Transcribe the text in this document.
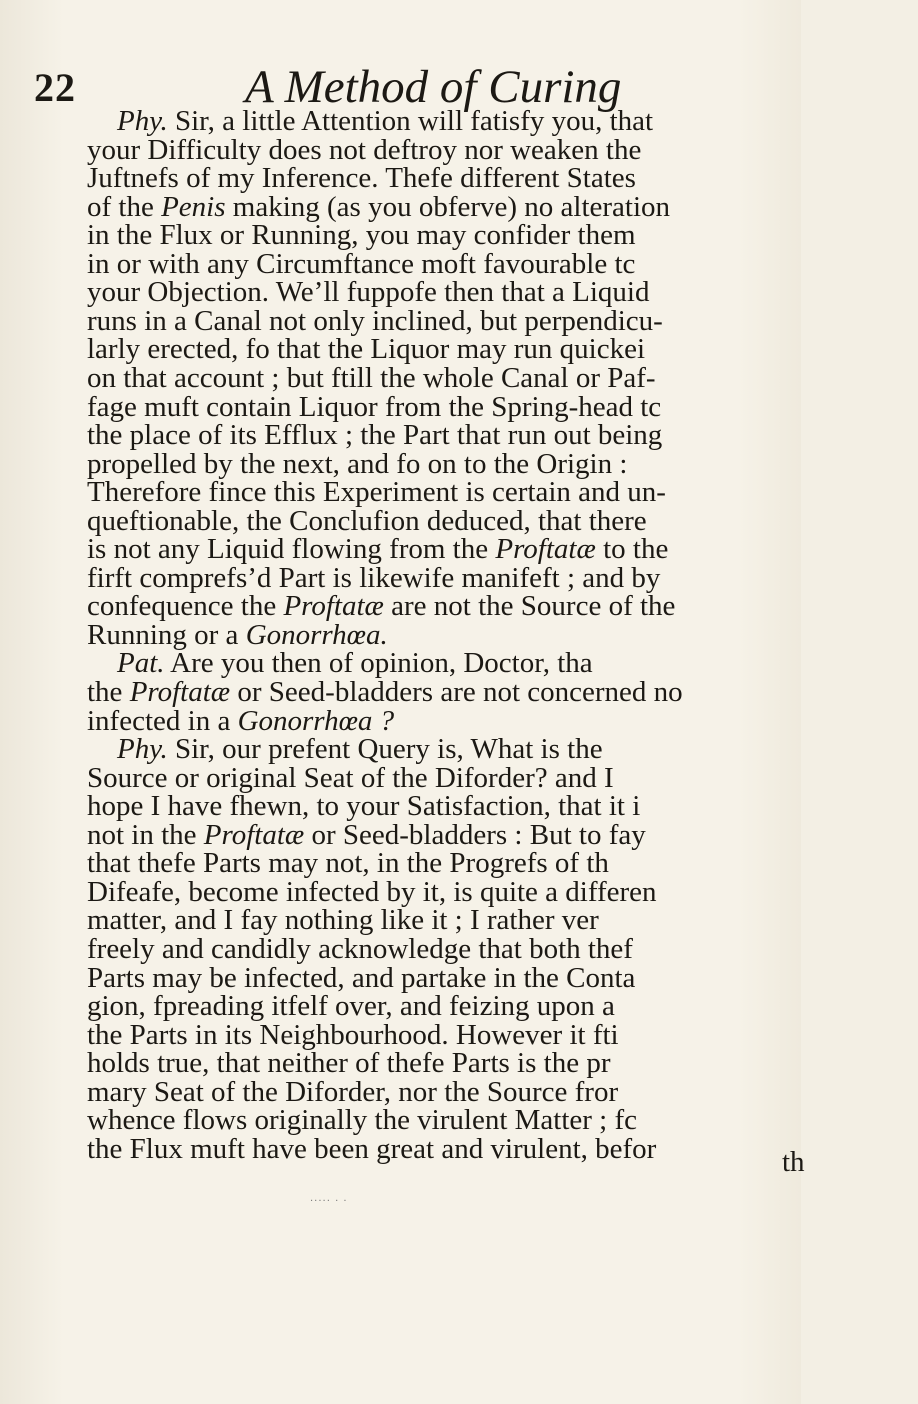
22	A Method of Curing
Phy. Sir, a little Attention will fatisfy you, that
your Difficulty does not deftroy nor weaken the
Juftnefs of my Inference. Thefe different States
of the Penis making (as you obferve) no alteration
in the Flux or Running, you may confider them
in or with any Circumftance moft favourable tc
your Objection. We’ll fuppofe then that a Liquid
runs in a Canal not only inclined, but perpendicu-
larly erected, fo that the Liquor may run quickei
on that account ; but ftill the whole Canal or Paf-
fage muft contain Liquor from the Spring-head tc
the place of its Efflux ; the Part that run out being
propelled by the next, and fo on to the Origin :
Therefore fince this Experiment is certain and un-
queftionable, the Conclufion deduced, that there
is not any Liquid flowing from the Proftatæ to the
firft comprefs’d Part is likewife manifeft ; and by
confequence the Proftatæ are not the Source of the
Running or a Gonorrhœa.
Pat. Are you then of opinion, Doctor, tha
the Proftatæ or Seed-bladders are not concerned no
infected in a Gonorrhœa ?
Phy. Sir, our prefent Query is, What is the
Source or original Seat of the Diforder? and I
hope I have fhewn, to your Satisfaction, that it i
not in the Proftatæ or Seed-bladders : But to fay
that thefe Parts may not, in the Progrefs of th
Difeafe, become infected by it, is quite a differen
matter, and I fay nothing like it ; I rather ver
freely and candidly acknowledge that both thef
Parts may be infected, and partake in the Conta
gion, fpreading itfelf over, and feizing upon a
the Parts in its Neighbourhood. However it fti
holds true, that neither of thefe Parts is the pr
mary Seat of the Diforder, nor the Source fror
whence flows originally the virulent Matter ; fc
the Flux muft have been great and virulent, befor	th
····· · ·
